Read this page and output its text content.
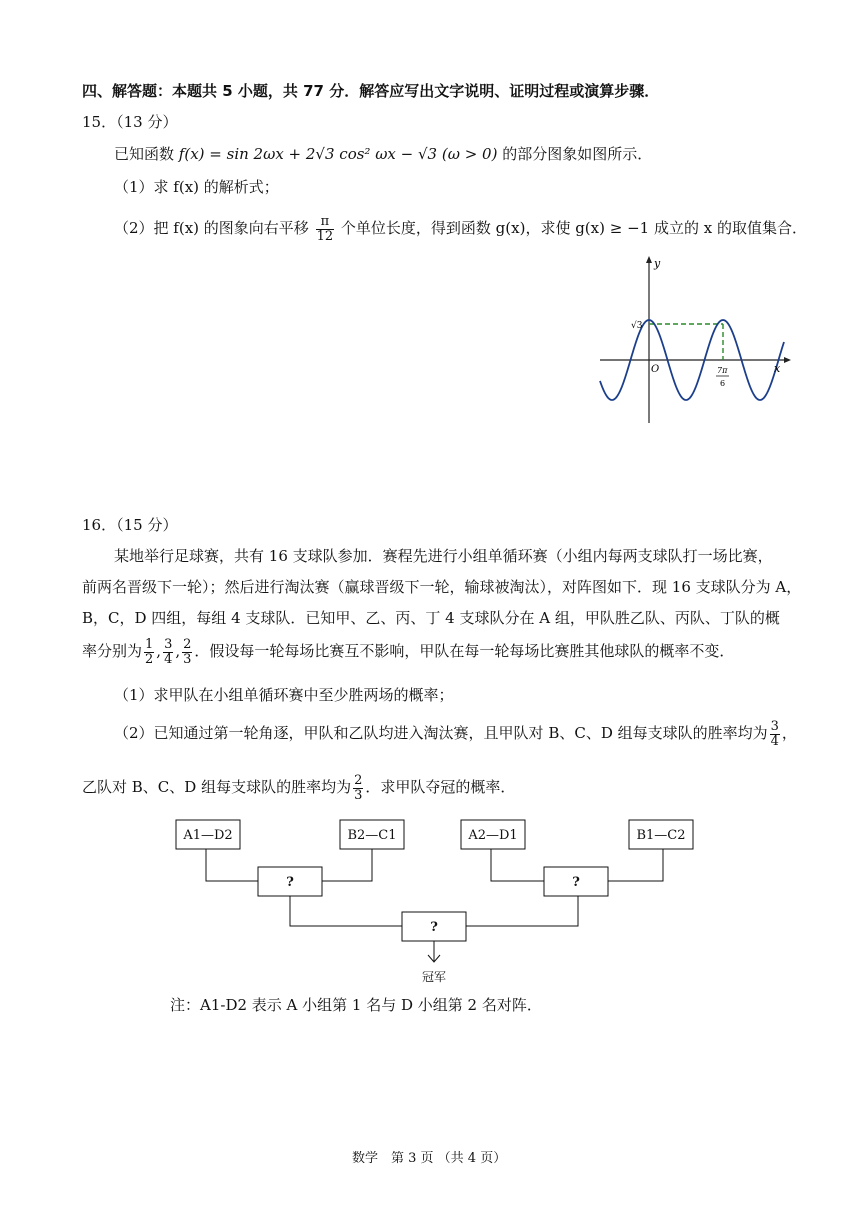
四、解答题：本题共 5 小题，共 77 分．解答应写出文字说明、证明过程或演算步骤．
15．（13 分）
已知函数 f(x) = sin 2ωx + 2√3 cos² ωx − √3 (ω > 0) 的部分图象如图所示．
（1）求 f(x) 的解析式；
（2）把 f(x) 的图象向右平移 $\frac{\pi}{12}$ 个单位长度，得到函数 g(x)，求使 g(x) ≥ −1 成立的 x 的取值集合．
y
x
O
√3
7π
6
16．（15 分）
某地举行足球赛，共有 16 支球队参加．赛程先进行小组单循环赛（小组内每两支球队打一场比赛，
前两名晋级下一轮）；然后进行淘汰赛（赢球晋级下一轮，输球被淘汰），对阵图如下．现 16 支球队分为 A，
B，C，D 四组，每组 4 支球队．已知甲、乙、丙、丁 4 支球队分在 A 组，甲队胜乙队、丙队、丁队的概
率分别为 $\frac{1}{2}$ , $\frac{3}{4}$ , $\frac{2}{3}$ ．假设每一轮每场比赛互不影响，甲队在每一轮每场比赛胜其他球队的概率不变．
（1）求甲队在小组单循环赛中至少胜两场的概率；
（2）已知通过第一轮角逐，甲队和乙队均进入淘汰赛，且甲队对 B、C、D 组每支球队的胜率均为 $\frac{3}{4}$ ，
乙队对 B、C、D 组每支球队的胜率均为 $\frac{2}{3}$ ．求甲队夺冠的概率．
A1—D2	B2—C1	A2—D1	B1—C2
?	?
?
冠军
注：A1-D2 表示 A 小组第 1 名与 D 小组第 2 名对阵．
数学　第 3 页 （共 4 页）
